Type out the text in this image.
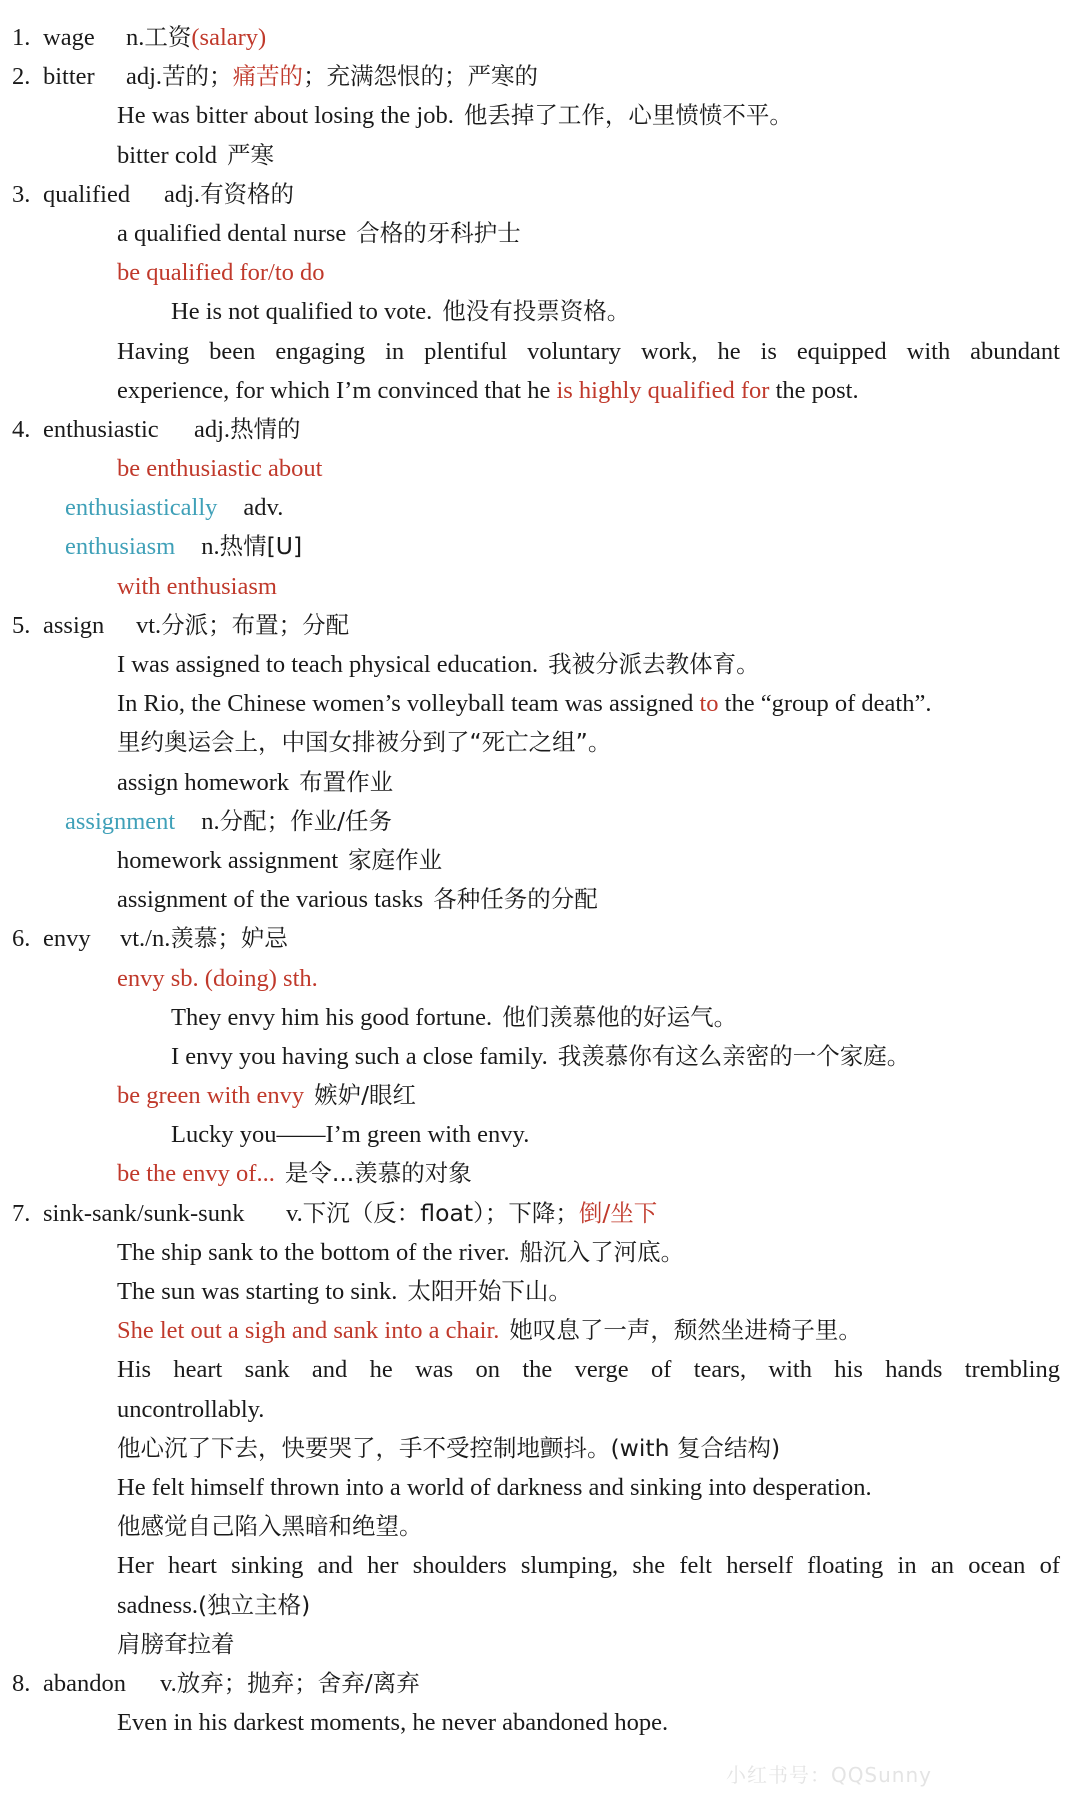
1. wage n.工资(salary)
2. bitter adj.苦的；痛苦的；充满怨恨的；严寒的
He was bitter about losing the job. 他丢掉了工作，心里愤愤不平。
bitter cold 严寒
3. qualified adj.有资格的
a qualified dental nurse 合格的牙科护士
be qualified for/to do
He is not qualified to vote. 他没有投票资格。
Having been engaging in plentiful voluntary work, he is equipped with abundant
experience, for which I’m convinced that he is highly qualified for the post.
4. enthusiastic adj.热情的
be enthusiastic about
enthusiastically adv.
enthusiasm n.热情[U]
with enthusiasm
5. assign vt.分派；布置；分配
I was assigned to teach physical education. 我被分派去教体育。
In Rio, the Chinese women’s volleyball team was assigned to the “group of death”.
里约奥运会上，中国女排被分到了“死亡之组”。
assign homework 布置作业
assignment n.分配；作业/任务
homework assignment 家庭作业
assignment of the various tasks 各种任务的分配
6. envy vt./n.羡慕；妒忌
envy sb. (doing) sth.
They envy him his good fortune. 他们羡慕他的好运气。
I envy you having such a close family. 我羡慕你有这么亲密的一个家庭。
be green with envy 嫉妒/眼红
Lucky you——I’m green with envy.
be the envy of... 是令...羡慕的对象
7. sink-sank/sunk-sunk v.下沉（反：float）；下降；倒/坐下
The ship sank to the bottom of the river. 船沉入了河底。
The sun was starting to sink. 太阳开始下山。
She let out a sigh and sank into a chair. 她叹息了一声，颓然坐进椅子里。
His heart sank and he was on the verge of tears, with his hands trembling
uncontrollably.
他心沉了下去，快要哭了，手不受控制地颤抖。(with 复合结构)
He felt himself thrown into a world of darkness and sinking into desperation.
他感觉自己陷入黑暗和绝望。
Her heart sinking and her shoulders slumping, she felt herself floating in an ocean of
sadness.(独立主格)
肩膀耷拉着
8. abandon v.放弃；抛弃；舍弃/离弃
Even in his darkest moments, he never abandoned hope.
小红书号：QQSunny
